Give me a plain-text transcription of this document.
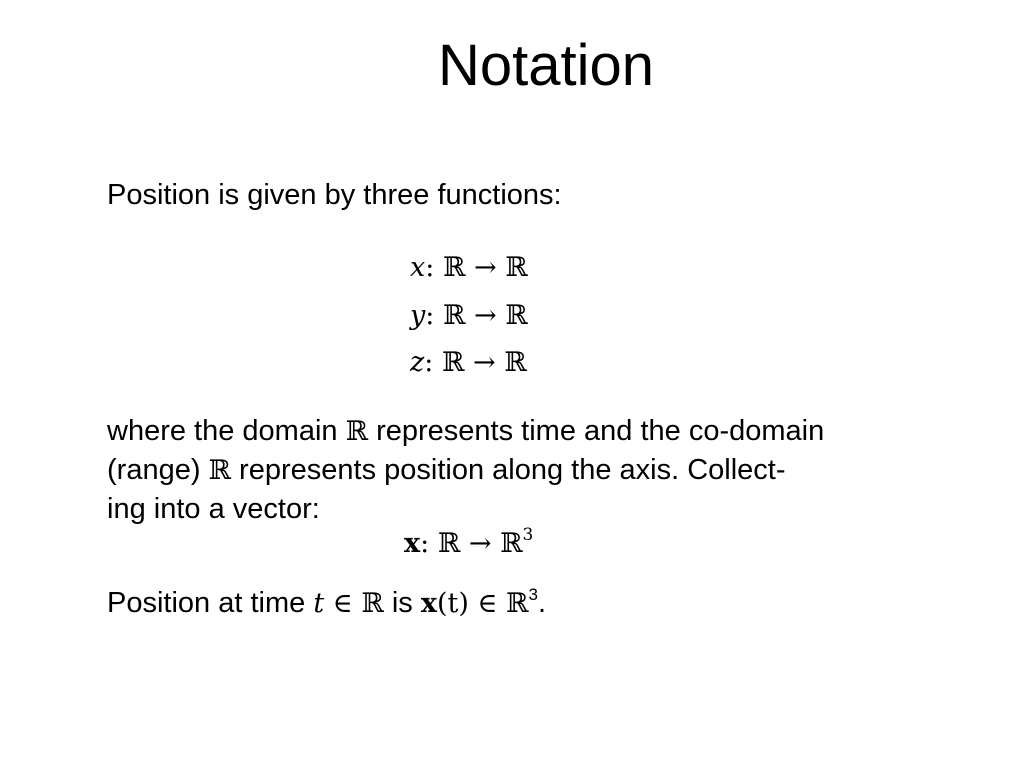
Notation

Position is given by three functions:

x: ℝ → ℝ
y: ℝ → ℝ
z: ℝ → ℝ
where the domain ℝ represents time and the co-domain
(range) ℝ represents position along the axis. Collect-
ing into a vector:
x: ℝ → ℝ$^3$

Position at time t ∈ ℝ is x(t) ∈ ℝ$^3$.
